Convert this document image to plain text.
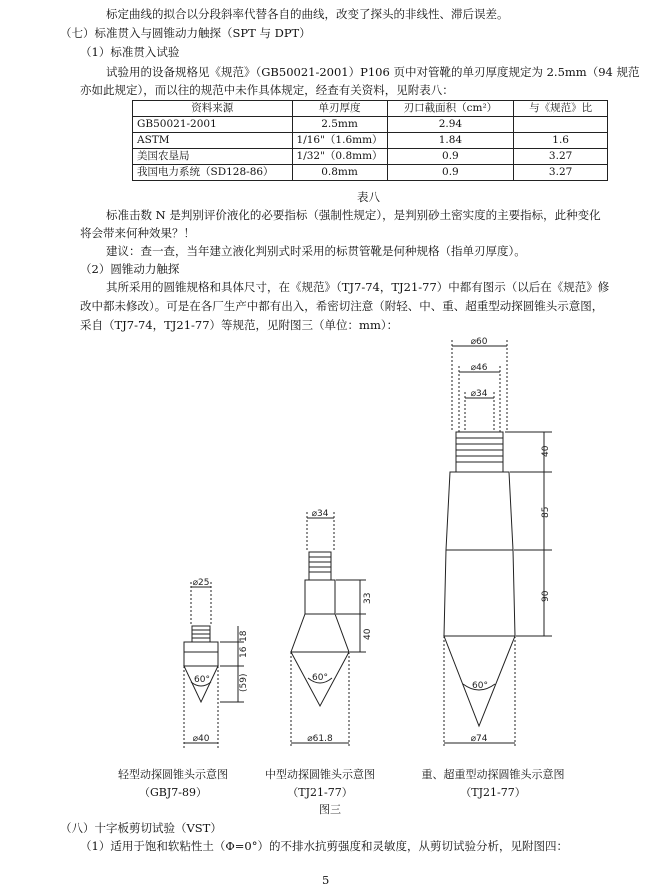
标定曲线的拟合以分段斜率代替各自的曲线，改变了探头的非线性、滞后误差。
（七）标准贯入与圆锥动力触探（SPT 与 DPT）
（1）标准贯入试验
试验用的设备规格见《规范》（GB50021-2001）P106 页中对管靴的单刃厚度规定为 2.5mm（94 规范
亦如此规定），而以往的规范中未作具体规定，经查有关资料，见附表八：
资料来源	单刃厚度	刃口截面积（cm²）	与《规范》比
GB50021-2001	2.5mm	2.94	
ASTM	1/16"（1.6mm）	1.84	1.6
美国农垦局	1/32"（0.8mm）	0.9	3.27
我国电力系统（SD128-86）	0.8mm	0.9	3.27
表八
标准击数 N 是判别评价液化的必要指标（强制性规定），是判别砂土密实度的主要指标，此种变化
将会带来何种效果？！
建议：查一查，当年建立液化判别式时采用的标贯管靴是何种规格（指单刃厚度）。
（2）圆锥动力触探
其所采用的圆锥规格和具体尺寸，在《规范》（TJ7-74，TJ21-77）中都有图示（以后在《规范》修
改中都未修改）。可是在各厂生产中都有出入，希密切注意（附轻、中、重、超重型动探圆锥头示意图，
采自（TJ7-74，TJ21-77）等规范，见附图三（单位：mm）：
⌀25
60°
16
18
(59)
⌀40
⌀34
60°
33
40
⌀61.8
⌀60
⌀46
⌀34
60°
40
85
90
⌀74
轻型动探圆锥头示意图
（GBJ7-89）
中型动探圆锥头示意图
（TJ21-77）
重、超重型动探圆锥头示意图
（TJ21-77）
图三
（八）十字板剪切试验（VST）
（1）适用于饱和软粘性土（Φ=0°）的不排水抗剪强度和灵敏度，从剪切试验分析，见附图四：
5
